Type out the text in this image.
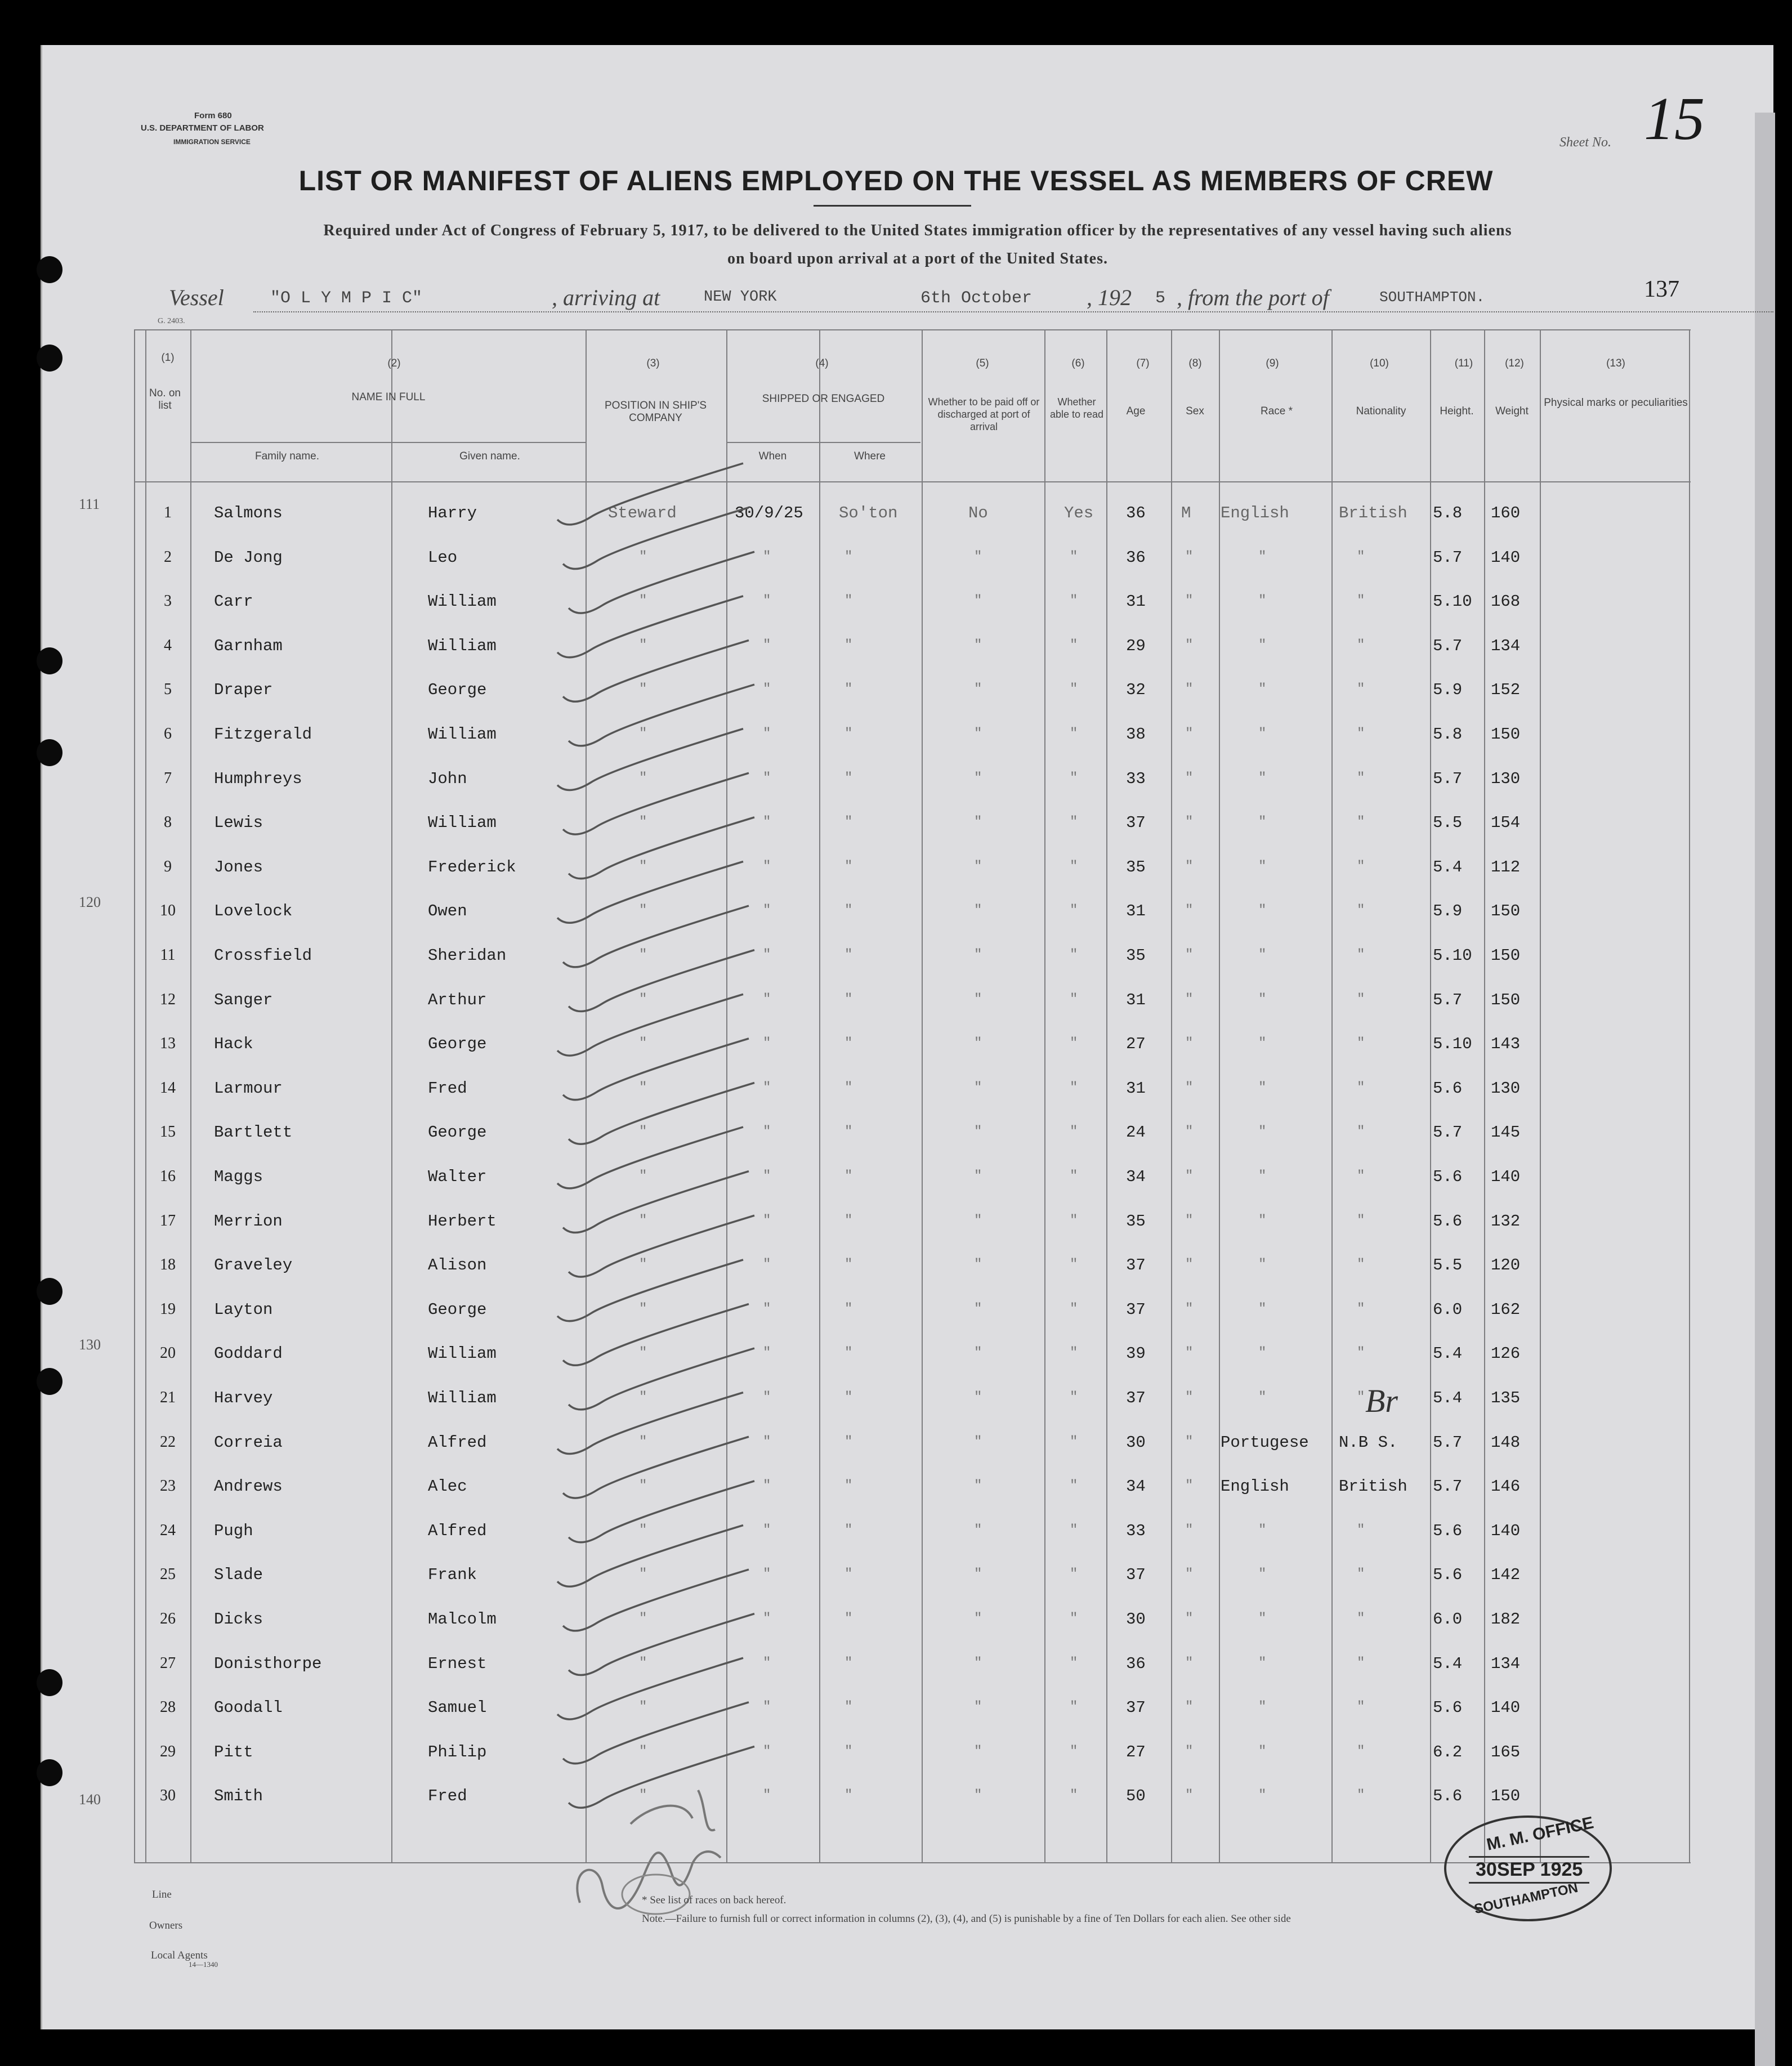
Form 680
U.S. DEPARTMENT OF LABOR
IMMIGRATION SERVICE	Sheet No. 15
LIST OR MANIFEST OF ALIENS EMPLOYED ON THE VESSEL AS MEMBERS OF CREW
Required under Act of Congress of February 5, 1917, to be delivered to the United States immigration officer by the representatives of any vessel having such aliens
on board upon arrival at a port of the United States.
Vessel	"O L Y M P I C"	, arriving at	NEW YORK	6th October , 192 5 , from the port of	SOUTHAMPTON.	137
G. 2403.
(1)	(2)	(3)	(4)	(5)	(6)	(7)	(8)	(9)	(10)	(11)	(12)	(13)
No. on list
NAME IN FULL
Family name.	Given name.
POSITION IN SHIP'S COMPANY
SHIPPED OR ENGAGED
When	Where
Whether to be paid off or discharged at port of arrival
Whether able to read	Age	Sex	Race *	Nationality	Height.	Weight
Physical marks or peculiarities
1	Salmons	Harry	Steward	30/9/25 So'ton	No	Yes 36 M English	British 5.8 160
2	De Jong	Leo	"	"	"	"	"	36	"	"	"	5.7 140
3	Carr	William	"	"	"	"	"	31	"	"	"	5.10 168
4	Garnham	William	"	"	"	"	"	29	"	"	"	5.7 134
5	Draper	George	"	"	"	"	"	32	"	"	"	5.9 152
6	Fitzgerald	William	"	"	"	"	"	38	"	"	"	5.8 150
7	Humphreys	John	"	"	"	"	"	33	"	"	"	5.7 130
8	Lewis	William	"	"	"	"	"	37	"	"	"	5.5 154
9	Jones	Frederick	"	"	"	"	"	35	"	"	"	5.4 112
10	Lovelock	Owen	"	"	"	"	"	31	"	"	"	5.9 150
11	Crossfield	Sheridan	"	"	"	"	"	35	"	"	"	5.10 150
12	Sanger	Arthur	"	"	"	"	"	31	"	"	"	5.7 150
13	Hack	George	"	"	"	"	"	27	"	"	"	5.10 143
14	Larmour	Fred	"	"	"	"	"	31	"	"	"	5.6 130
15	Bartlett	George	"	"	"	"	"	24	"	"	"	5.7 145
16	Maggs	Walter	"	"	"	"	"	34	"	"	"	5.6 140
17	Merrion	Herbert	"	"	"	"	"	35	"	"	"	5.6 132
18	Graveley	Alison	"	"	"	"	"	37	"	"	"	5.5 120
19	Layton	George	"	"	"	"	"	37	"	"	"	6.0 162
20	Goddard	William	"	"	"	"	"	39	"	"	"	5.4 126
21	Harvey	William	"	"	"	"	"	37	"	"	"	5.4 135
22	Correia	Alfred	"	"	"	"	"	30	" Portugese N.B S. 5.7 148
23	Andrews	Alec	"	"	"	"	"	34	" English	British 5.7 146
24	Pugh	Alfred	"	"	"	"	"	33	"	"	"	5.6 140
25	Slade	Frank	"	"	"	"	"	37	"	"	"	5.6 142
26	Dicks	Malcolm	"	"	"	"	"	30	"	"	"	6.0 182
27	Donisthorpe	Ernest	"	"	"	"	"	36	"	"	"	5.4 134
28	Goodall	Samuel	"	"	"	"	"	37	"	"	"	5.6 140
29	Pitt	Philip	"	"	"	"	"	27	"	"	"	6.2 165
30	Smith	Fred	"	"	"	"	"	50	"	"	"	5.6 150
111
120
130
140
Br
M. M. OFFICE
30SEP 1925
SOUTHAMPTON
Line
Owners
Local Agents
14—1340
* See list of races on back hereof.
Note.—Failure to furnish full or correct information in columns (2), (3), (4), and (5) is punishable by a fine of Ten Dollars for each alien. See other side
